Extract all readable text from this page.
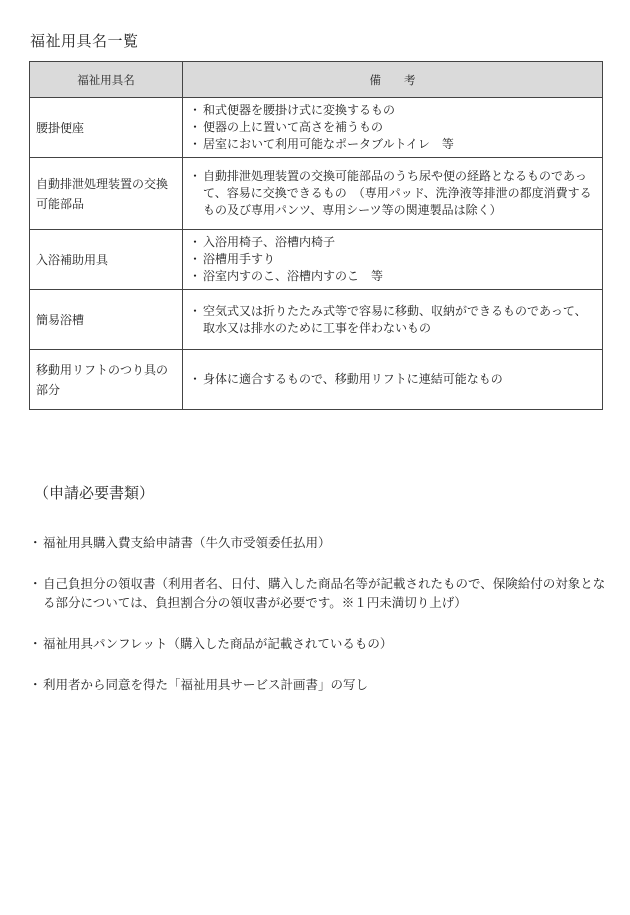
福祉用具名一覧
福祉用具名	備　　考
腰掛便座	・ 和式便器を腰掛け式に変換するもの
・ 便器の上に置いて高さを補うもの
・ 居室において利用可能なポータブルトイレ　等

自動排泄処理装置の交換可能部品	・ 自動排泄処理装置の交換可能部品のうち尿や便の経路となるものであって、容易に交換できるもの　（専用パッド、洗浄液等排泄の都度消費するもの及び専用パンツ、専用シーツ等の関連製品は除く）

入浴補助用具	・ 入浴用椅子、浴槽内椅子
・ 浴槽用手すり
・ 浴室内すのこ、浴槽内すのこ　等

簡易浴槽	・ 空気式又は折りたたみ式等で容易に移動、収納ができるものであって、取水又は排水のために工事を伴わないもの

移動用リフトのつり具の部分	・ 身体に適合するもので、移動用リフトに連結可能なもの
（申請必要書類）
・ 福祉用具購入費支給申請書（牛久市受領委任払用）
・ 自己負担分の領収書（利用者名、日付、購入した商品名等が記載されたもので、保険給付の対象となる部分については、負担割合分の領収書が必要です。※１円未満切り上げ）
・ 福祉用具パンフレット（購入した商品が記載されているもの）
・ 利用者から同意を得た「福祉用具サービス計画書」の写し
